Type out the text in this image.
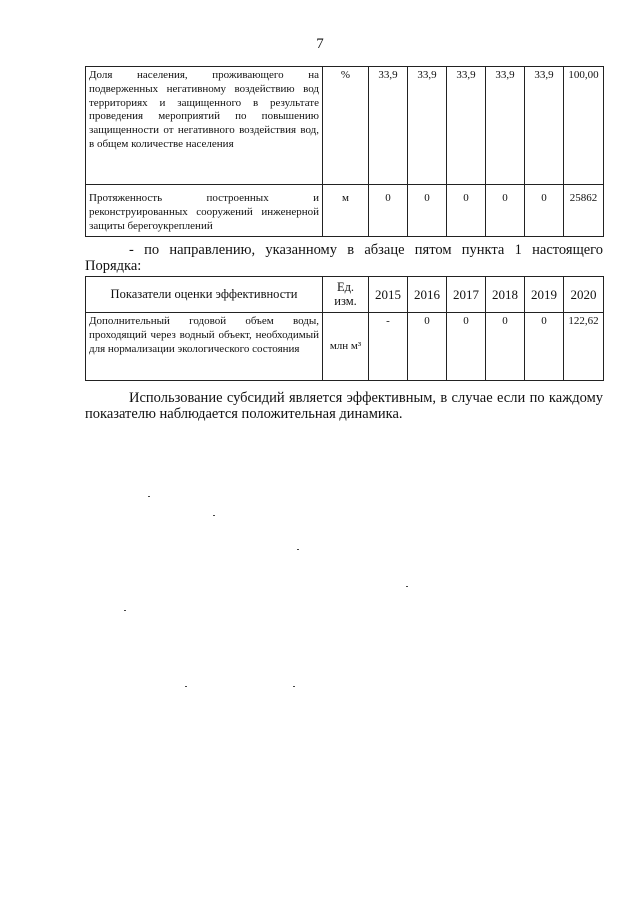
7
Доля населения, проживающего на подверженных негативному воздействию вод территориях и защищенного в результате проведения мероприятий по повышению защищенности от негативного воздействия вод, в общем количестве населения	%	33,9	33,9	33,9	33,9	33,9	100,00
Протяженность построенных и реконструированных сооружений инженерной защиты берегоукреплений	м	0	0	0	0	0	25862
- по направлению, указанному в абзаце пятом пункта 1 настоящего Порядка:
Показатели оценки эффективности	Ед. изм.	2015	2016	2017	2018	2019	2020
Дополнительный годовой объем воды, проходящий через водный объект, необходимый для нормализации экологического состояния	млн м³	-	0	0	0	0	122,62
Использование субсидий является эффективным, в случае если по каждому показателю наблюдается положительная динамика.
